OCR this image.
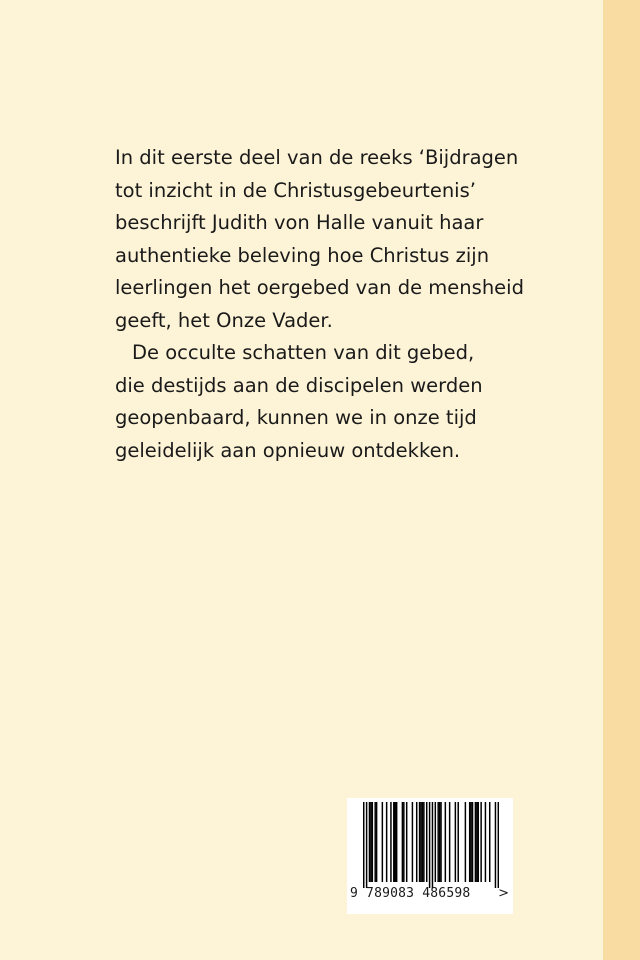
In dit eerste deel van de reeks ‘Bijdragen
tot inzicht in de Christusgebeurtenis’
beschrijft Judith von Halle vanuit haar
authentieke beleving hoe Christus zijn
leerlingen het oergebed van de mensheid
geeft, het Onze Vader.
De occulte schatten van dit gebed,
die destijds aan de discipelen werden
geopenbaard, kunnen we in onze tijd
geleidelijk aan opnieuw ontdekken.
9 789083 486598 >
